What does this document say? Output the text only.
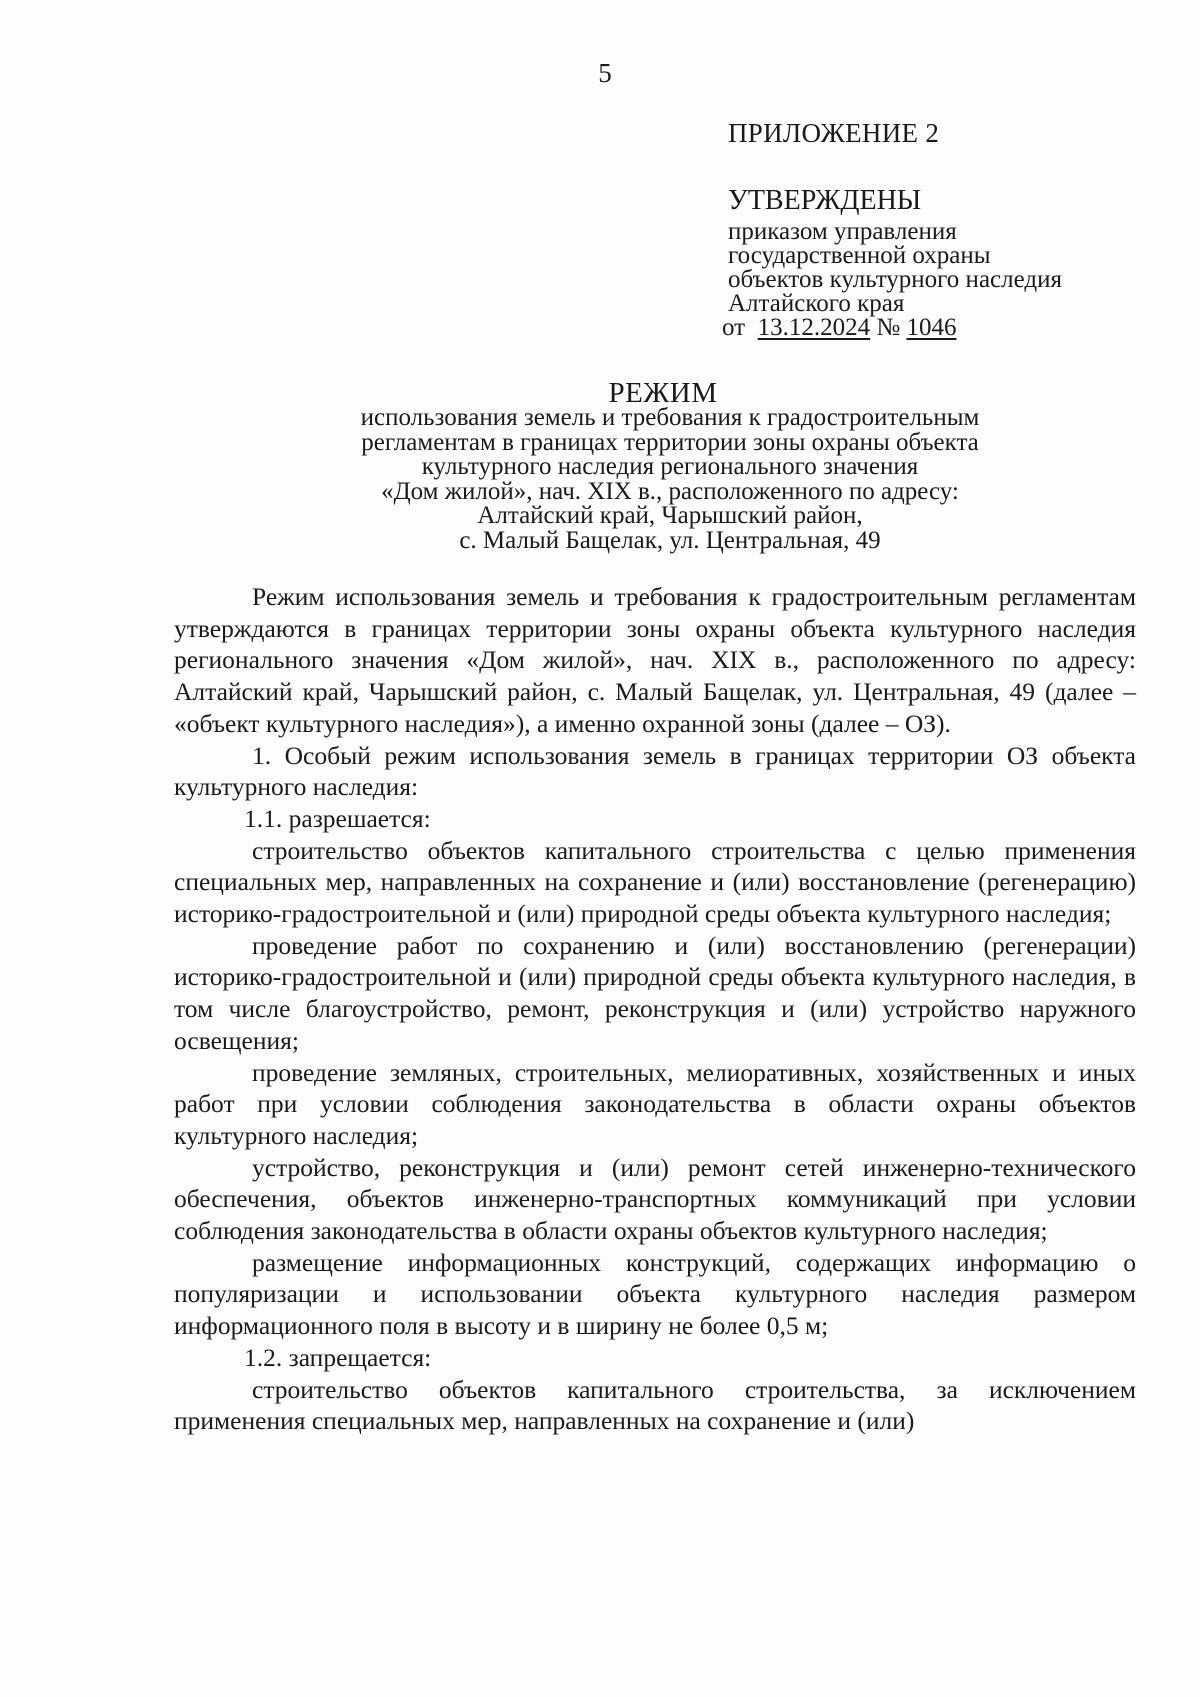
5
ПРИЛОЖЕНИЕ 2
УТВЕРЖДЕНЫ
приказом управления
государственной охраны
объектов культурного наследия
Алтайского края
от 13.12.2024 № 1046
РЕЖИМ
использования земель и требования к градостроительным
регламентам в границах территории зоны охраны объекта
культурного наследия регионального значения
«Дом жилой», нач. XIX в., расположенного по адресу:
Алтайский край, Чарышский район,
с. Малый Бащелак, ул. Центральная, 49

Режим использования земель и требования к градостроительным регламентам утверждаются в границах территории зоны охраны объекта культурного наследия регионального значения «Дом жилой», нач. XIX в., расположенного по адресу: Алтайский край, Чарышский район, с. Малый Бащелак, ул. Центральная, 49 (далее – «объект культурного наследия»), а именно охранной зоны (далее – ОЗ).

1. Особый режим использования земель в границах территории ОЗ объекта культурного наследия:

1.1. разрешается:

строительство объектов капитального строительства с целью применения специальных мер, направленных на сохранение и (или) восстановление (регенерацию) историко-градостроительной и (или) природной среды объекта культурного наследия;

проведение работ по сохранению и (или) восстановлению (регенерации) историко-градостроительной и (или) природной среды объекта культурного наследия, в том числе благоустройство, ремонт, реконструкция и (или) устройство наружного освещения;

проведение земляных, строительных, мелиоративных, хозяйственных и иных работ при условии соблюдения законодательства в области охраны объектов культурного наследия;

устройство, реконструкция и (или) ремонт сетей инженерно-технического обеспечения, объектов инженерно-транспортных коммуникаций при условии соблюдения законодательства в области охраны объектов культурного наследия;

размещение информационных конструкций, содержащих информацию о популяризации и использовании объекта культурного наследия размером информационного поля в высоту и в ширину не более 0,5 м;

1.2. запрещается:

строительство объектов капитального строительства, за исключением применения специальных мер, направленных на сохранение и (или)
